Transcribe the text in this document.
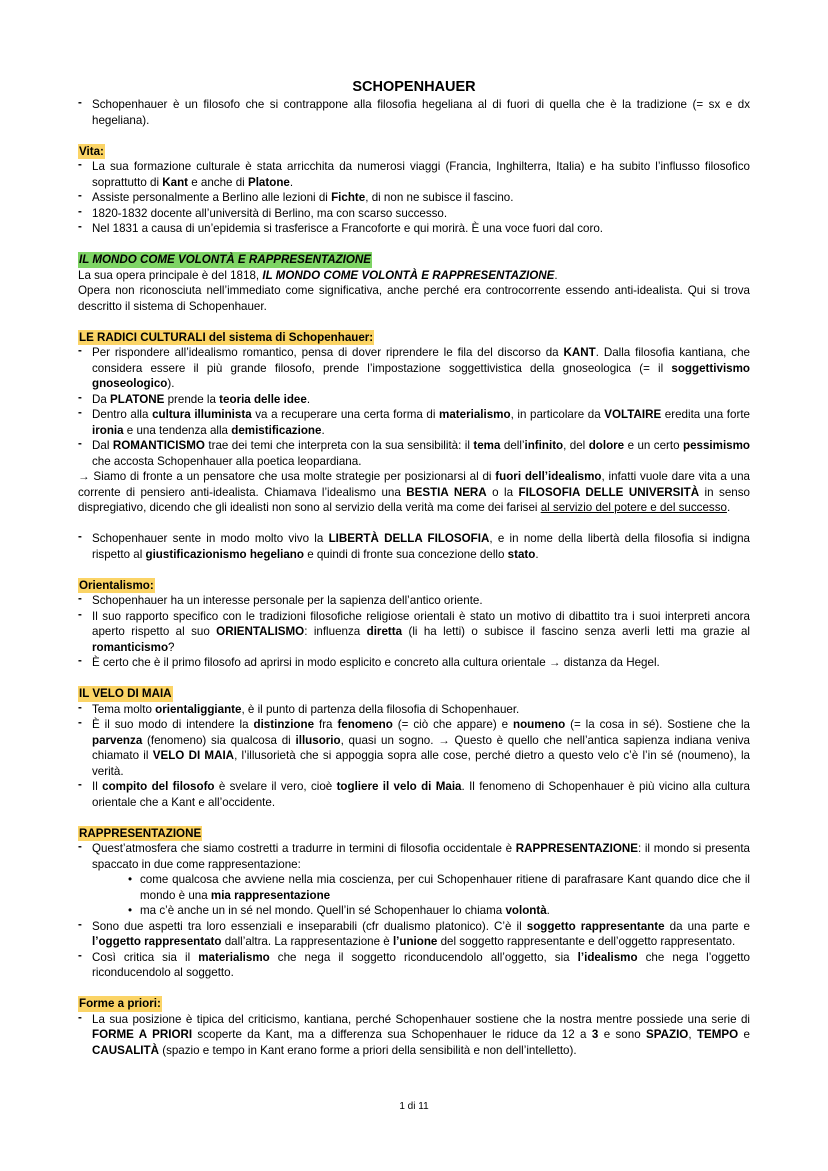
SCHOPENHAUER
- Schopenhauer è un filosofo che si contrappone alla filosofia hegeliana al di fuori di quella che è la tradizione (= sx e dx hegeliana).
Vita:
- La sua formazione culturale è stata arricchita da numerosi viaggi (Francia, Inghilterra, Italia) e ha subito l’influsso filosofico soprattutto di Kant e anche di Platone.
- Assiste personalmente a Berlino alle lezioni di Fichte, di non ne subisce il fascino.
- 1820-1832 docente all’università di Berlino, ma con scarso successo.
- Nel 1831 a causa di un’epidemia si trasferisce a Francoforte e qui morirà. È una voce fuori dal coro.
IL MONDO COME VOLONTÀ E RAPPRESENTAZIONE

La sua opera principale è del 1818, IL MONDO COME VOLONTÀ E RAPPRESENTAZIONE.

Opera non riconosciuta nell’immediato come significativa, anche perché era controcorrente essendo anti-idealista. Qui si trova descritto il sistema di Schopenhauer.

LE RADICI CULTURALI del sistema di Schopenhauer:
- Per rispondere all’idealismo romantico, pensa di dover riprendere le fila del discorso da KANT. Dalla filosofia kantiana, che considera essere il più grande filosofo, prende l’impostazione soggettivistica della gnoseologica (= il soggettivismo gnoseologico).
- Da PLATONE prende la teoria delle idee.
- Dentro alla cultura illuminista va a recuperare una certa forma di materialismo, in particolare da VOLTAIRE eredita una forte ironia e una tendenza alla demistificazione.
- Dal ROMANTICISMO trae dei temi che interpreta con la sua sensibilità: il tema dell’infinito, del dolore e un certo pessimismo che accosta Schopenhauer alla poetica leopardiana.

→ Siamo di fronte a un pensatore che usa molte strategie per posizionarsi al di fuori dell’idealismo, infatti vuole dare vita a una corrente di pensiero anti-idealista. Chiamava l’idealismo una BESTIA NERA o la FILOSOFIA DELLE UNIVERSITÀ in senso dispregiativo, dicendo che gli idealisti non sono al servizio della verità ma come dei farisei al servizio del potere e del successo.

- Schopenhauer sente in modo molto vivo la LIBERTÀ DELLA FILOSOFIA, e in nome della libertà della filosofia si indigna rispetto al giustificazionismo hegeliano e quindi di fronte sua concezione dello stato.
Orientalismo:
- Schopenhauer ha un interesse personale per la sapienza dell’antico oriente.
- Il suo rapporto specifico con le tradizioni filosofiche religiose orientali è stato un motivo di dibattito tra i suoi interpreti ancora aperto rispetto al suo ORIENTALISMO: influenza diretta (li ha letti) o subisce il fascino senza averli letti ma grazie al romanticismo?
- È certo che è il primo filosofo ad aprirsi in modo esplicito e concreto alla cultura orientale → distanza da Hegel.
IL VELO DI MAIA
- Tema molto orientaliggiante, è il punto di partenza della filosofia di Schopenhauer.
- È il suo modo di intendere la distinzione fra fenomeno (= ciò che appare) e noumeno (= la cosa in sé). Sostiene che la parvenza (fenomeno) sia qualcosa di illusorio, quasi un sogno. → Questo è quello che nell’antica sapienza indiana veniva chiamato il VELO DI MAIA, l’illusorietà che si appoggia sopra alle cose, perché dietro a questo velo c’è l’in sé (noumeno), la verità.
- Il compito del filosofo è svelare il vero, cioè togliere il velo di Maia. Il fenomeno di Schopenhauer è più vicino alla cultura orientale che a Kant e all’occidente.
RAPPRESENTAZIONE
- Quest’atmosfera che siamo costretti a tradurre in termini di filosofia occidentale è RAPPRESENTAZIONE: il mondo si presenta spaccato in due come rappresentazione:
• come qualcosa che avviene nella mia coscienza, per cui Schopenhauer ritiene di parafrasare Kant quando dice che il mondo è una mia rappresentazione
• ma c’è anche un in sé nel mondo. Quell’in sé Schopenhauer lo chiama volontà.
- Sono due aspetti tra loro essenziali e inseparabili (cfr dualismo platonico). C’è il soggetto rappresentante da una parte e l’oggetto rappresentato dall’altra. La rappresentazione è l’unione del soggetto rappresentante e dell’oggetto rappresentato.
- Così critica sia il materialismo che nega il soggetto riconducendolo all’oggetto, sia l’idealismo che nega l’oggetto riconducendolo al soggetto.
Forme a priori:
- La sua posizione è tipica del criticismo, kantiana, perché Schopenhauer sostiene che la nostra mentre possiede una serie di FORME A PRIORI scoperte da Kant, ma a differenza sua Schopenhauer le riduce da 12 a 3 e sono SPAZIO, TEMPO e CAUSALITÀ (spazio e tempo in Kant erano forme a priori della sensibilità e non dell’intelletto).
1 di 11
